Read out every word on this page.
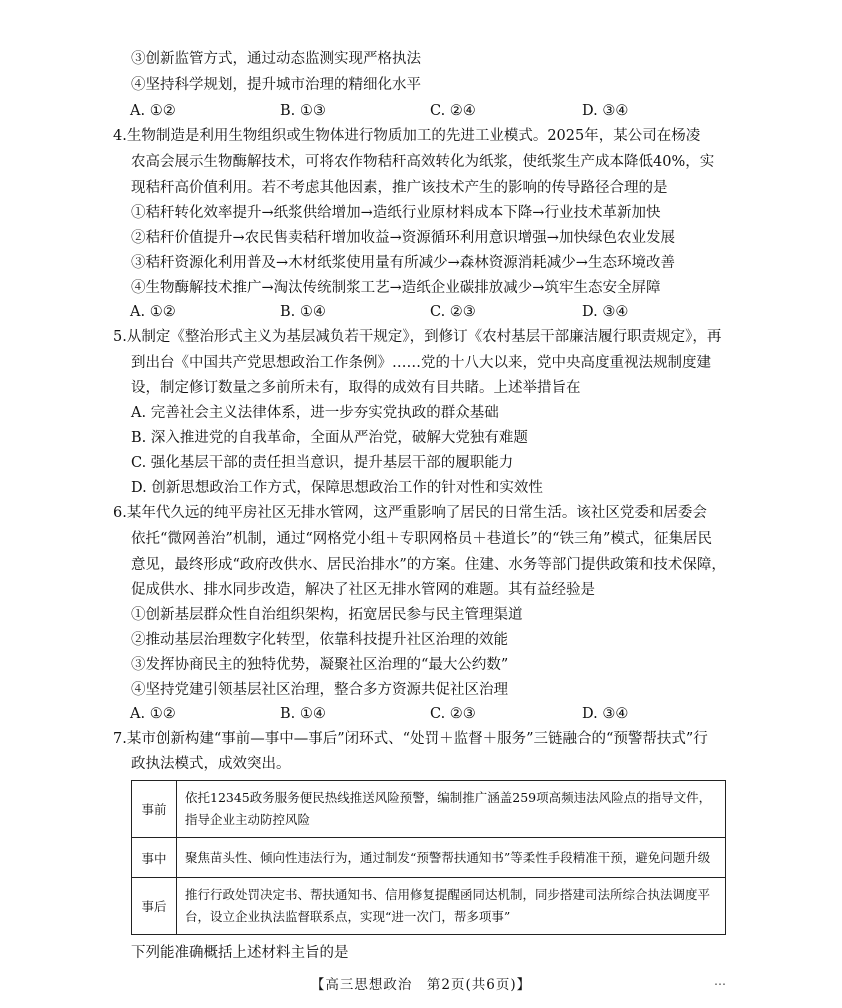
③创新监管方式，通过动态监测实现严格执法
④坚持科学规划，提升城市治理的精细化水平
A. ①②	B. ①③	C. ②④	D. ③④
4.生物制造是利用生物组织或生物体进行物质加工的先进工业模式。2025年，某公司在杨凌
农高会展示生物酶解技术，可将农作物秸秆高效转化为纸浆，使纸浆生产成本降低40%，实
现秸秆高价值利用。若不考虑其他因素，推广该技术产生的影响的传导路径合理的是
①秸秆转化效率提升→纸浆供给增加→造纸行业原材料成本下降→行业技术革新加快
②秸秆价值提升→农民售卖秸秆增加收益→资源循环利用意识增强→加快绿色农业发展
③秸秆资源化利用普及→木材纸浆使用量有所减少→森林资源消耗减少→生态环境改善
④生物酶解技术推广→淘汰传统制浆工艺→造纸企业碳排放减少→筑牢生态安全屏障
A. ①②	B. ①④	C. ②③	D. ③④
5.从制定《整治形式主义为基层减负若干规定》，到修订《农村基层干部廉洁履行职责规定》，再
到出台《中国共产党思想政治工作条例》……党的十八大以来，党中央高度重视法规制度建
设，制定修订数量之多前所未有，取得的成效有目共睹。上述举措旨在
A. 完善社会主义法律体系，进一步夯实党执政的群众基础
B. 深入推进党的自我革命，全面从严治党，破解大党独有难题
C. 强化基层干部的责任担当意识，提升基层干部的履职能力
D. 创新思想政治工作方式，保障思想政治工作的针对性和实效性
6.某年代久远的纯平房社区无排水管网，这严重影响了居民的日常生活。该社区党委和居委会
依托“微网善治”机制，通过“网格党小组＋专职网格员＋巷道长”的“铁三角”模式，征集居民
意见，最终形成“政府改供水、居民治排水”的方案。住建、水务等部门提供政策和技术保障，
促成供水、排水同步改造，解决了社区无排水管网的难题。其有益经验是
①创新基层群众性自治组织架构，拓宽居民参与民主管理渠道
②推动基层治理数字化转型，依靠科技提升社区治理的效能
③发挥协商民主的独特优势，凝聚社区治理的“最大公约数”
④坚持党建引领基层社区治理，整合多方资源共促社区治理
A. ①②	B. ①④	C. ②③	D. ③④
7.某市创新构建“事前—事中—事后”闭环式、“处罚＋监督＋服务”三链融合的“预警帮扶式”行
政执法模式，成效突出。
事前	依托12345政务服务便民热线推送风险预警，编制推广涵盖259项高频违法风险点的指导文件，指导企业主动防控风险
事中	聚焦苗头性、倾向性违法行为，通过制发“预警帮扶通知书”等柔性手段精准干预，避免问题升级
事后	推行行政处罚决定书、帮扶通知书、信用修复提醒函同达机制，同步搭建司法所综合执法调度平台，设立企业执法监督联系点，实现“进一次门，帮多项事”
下列能准确概括上述材料主旨的是
【高三思想政治　第2页(共6页)】	…
